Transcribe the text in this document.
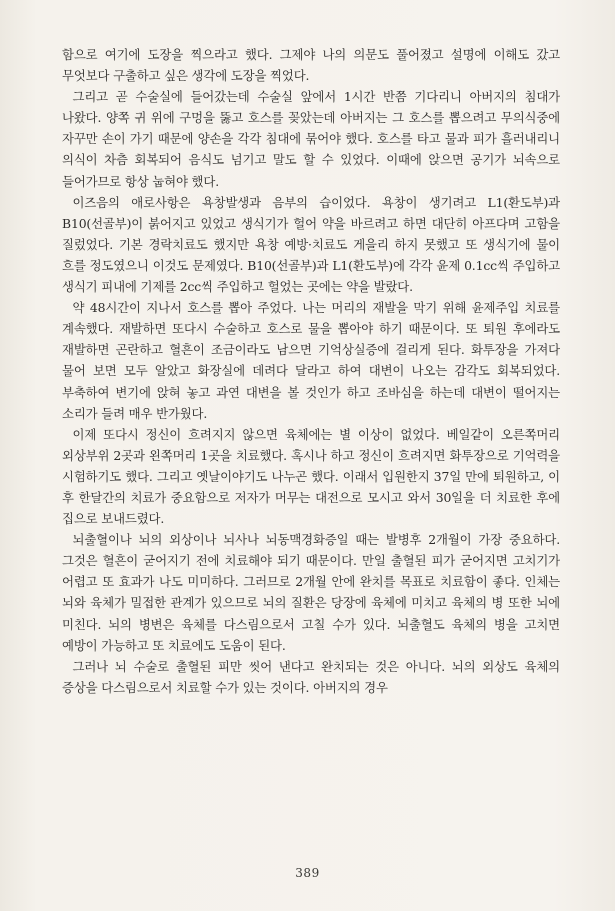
함으로 여기에 도장을 찍으라고 했다. 그제야 나의 의문도 풀어졌고 설명에 이해도 갔고 무엇보다 구출하고 싶은 생각에 도장을 찍었다.

그리고 곧 수술실에 들어갔는데 수술실 앞에서 1시간 반쯤 기다리니 아버지의 침대가 나왔다. 양쪽 귀 위에 구멍을 뚫고 호스를 꽂았는데 아버지는 그 호스를 뽑으려고 무의식중에 자꾸만 손이 가기 때문에 양손을 각각 침대에 묶어야 했다. 호스를 타고 물과 피가 흘러내리니 의식이 차츰 회복되어 음식도 넘기고 말도 할 수 있었다. 이때에 앉으면 공기가 뇌속으로 들어가므로 항상 눕혀야 했다.

이즈음의 애로사항은 욕창발생과 음부의 습이었다. 욕창이 생기려고 L1(환도부)과 B10(선골부)이 붉어지고 있었고 생식기가 헐어 약을 바르려고 하면 대단히 아프다며 고함을 질렀었다. 기본 경락치료도 했지만 욕창 예방·치료도 게을리 하지 못했고 또 생식기에 물이 흐를 정도였으니 이것도 문제였다. B10(선골부)과 L1(환도부)에 각각 윤제 0.1cc씩 주입하고 생식기 피내에 기제를 2cc씩 주입하고 헐었는 곳에는 약을 발랐다.

약 48시간이 지나서 호스를 뽑아 주었다. 나는 머리의 재발을 막기 위해 윤제주입 치료를 계속했다. 재발하면 또다시 수술하고 호스로 물을 뽑아야 하기 때문이다. 또 퇴원 후에라도 재발하면 곤란하고 혈흔이 조금이라도 남으면 기억상실증에 걸리게 된다. 화투장을 가져다 물어 보면 모두 알았고 화장실에 데려다 달라고 하여 대변이 나오는 감각도 회복되었다. 부축하여 변기에 앉혀 놓고 과연 대변을 볼 것인가 하고 조바심을 하는데 대변이 떨어지는 소리가 들려 매우 반가웠다.

이제 또다시 정신이 흐려지지 않으면 육체에는 별 이상이 없었다. 베일같이 오른쪽머리 외상부위 2곳과 왼쪽머리 1곳을 치료했다. 혹시나 하고 정신이 흐려지면 화투장으로 기억력을 시험하기도 했다. 그리고 옛날이야기도 나누곤 했다. 이래서 입원한지 37일 만에 퇴원하고, 이 후 한달간의 치료가 중요함으로 저자가 머무는 대전으로 모시고 와서 30일을 더 치료한 후에 집으로 보내드렸다.

뇌출혈이나 뇌의 외상이나 뇌사나 뇌동맥경화증일 때는 발병후 2개월이 가장 중요하다. 그것은 혈흔이 굳어지기 전에 치료해야 되기 때문이다. 만일 출혈된 피가 굳어지면 고치기가 어렵고 또 효과가 나도 미미하다. 그러므로 2개월 안에 완치를 목표로 치료함이 좋다. 인체는 뇌와 육체가 밀접한 관계가 있으므로 뇌의 질환은 당장에 육체에 미치고 육체의 병 또한 뇌에 미친다. 뇌의 병변은 육체를 다스림으로서 고칠 수가 있다. 뇌출혈도 육체의 병을 고치면 예방이 가능하고 또 치료에도 도움이 된다.

그러나 뇌 수술로 출혈된 피만 씻어 낸다고 완치되는 것은 아니다. 뇌의 외상도 육체의 증상을 다스림으로서 치료할 수가 있는 것이다. 아버지의 경우

389
